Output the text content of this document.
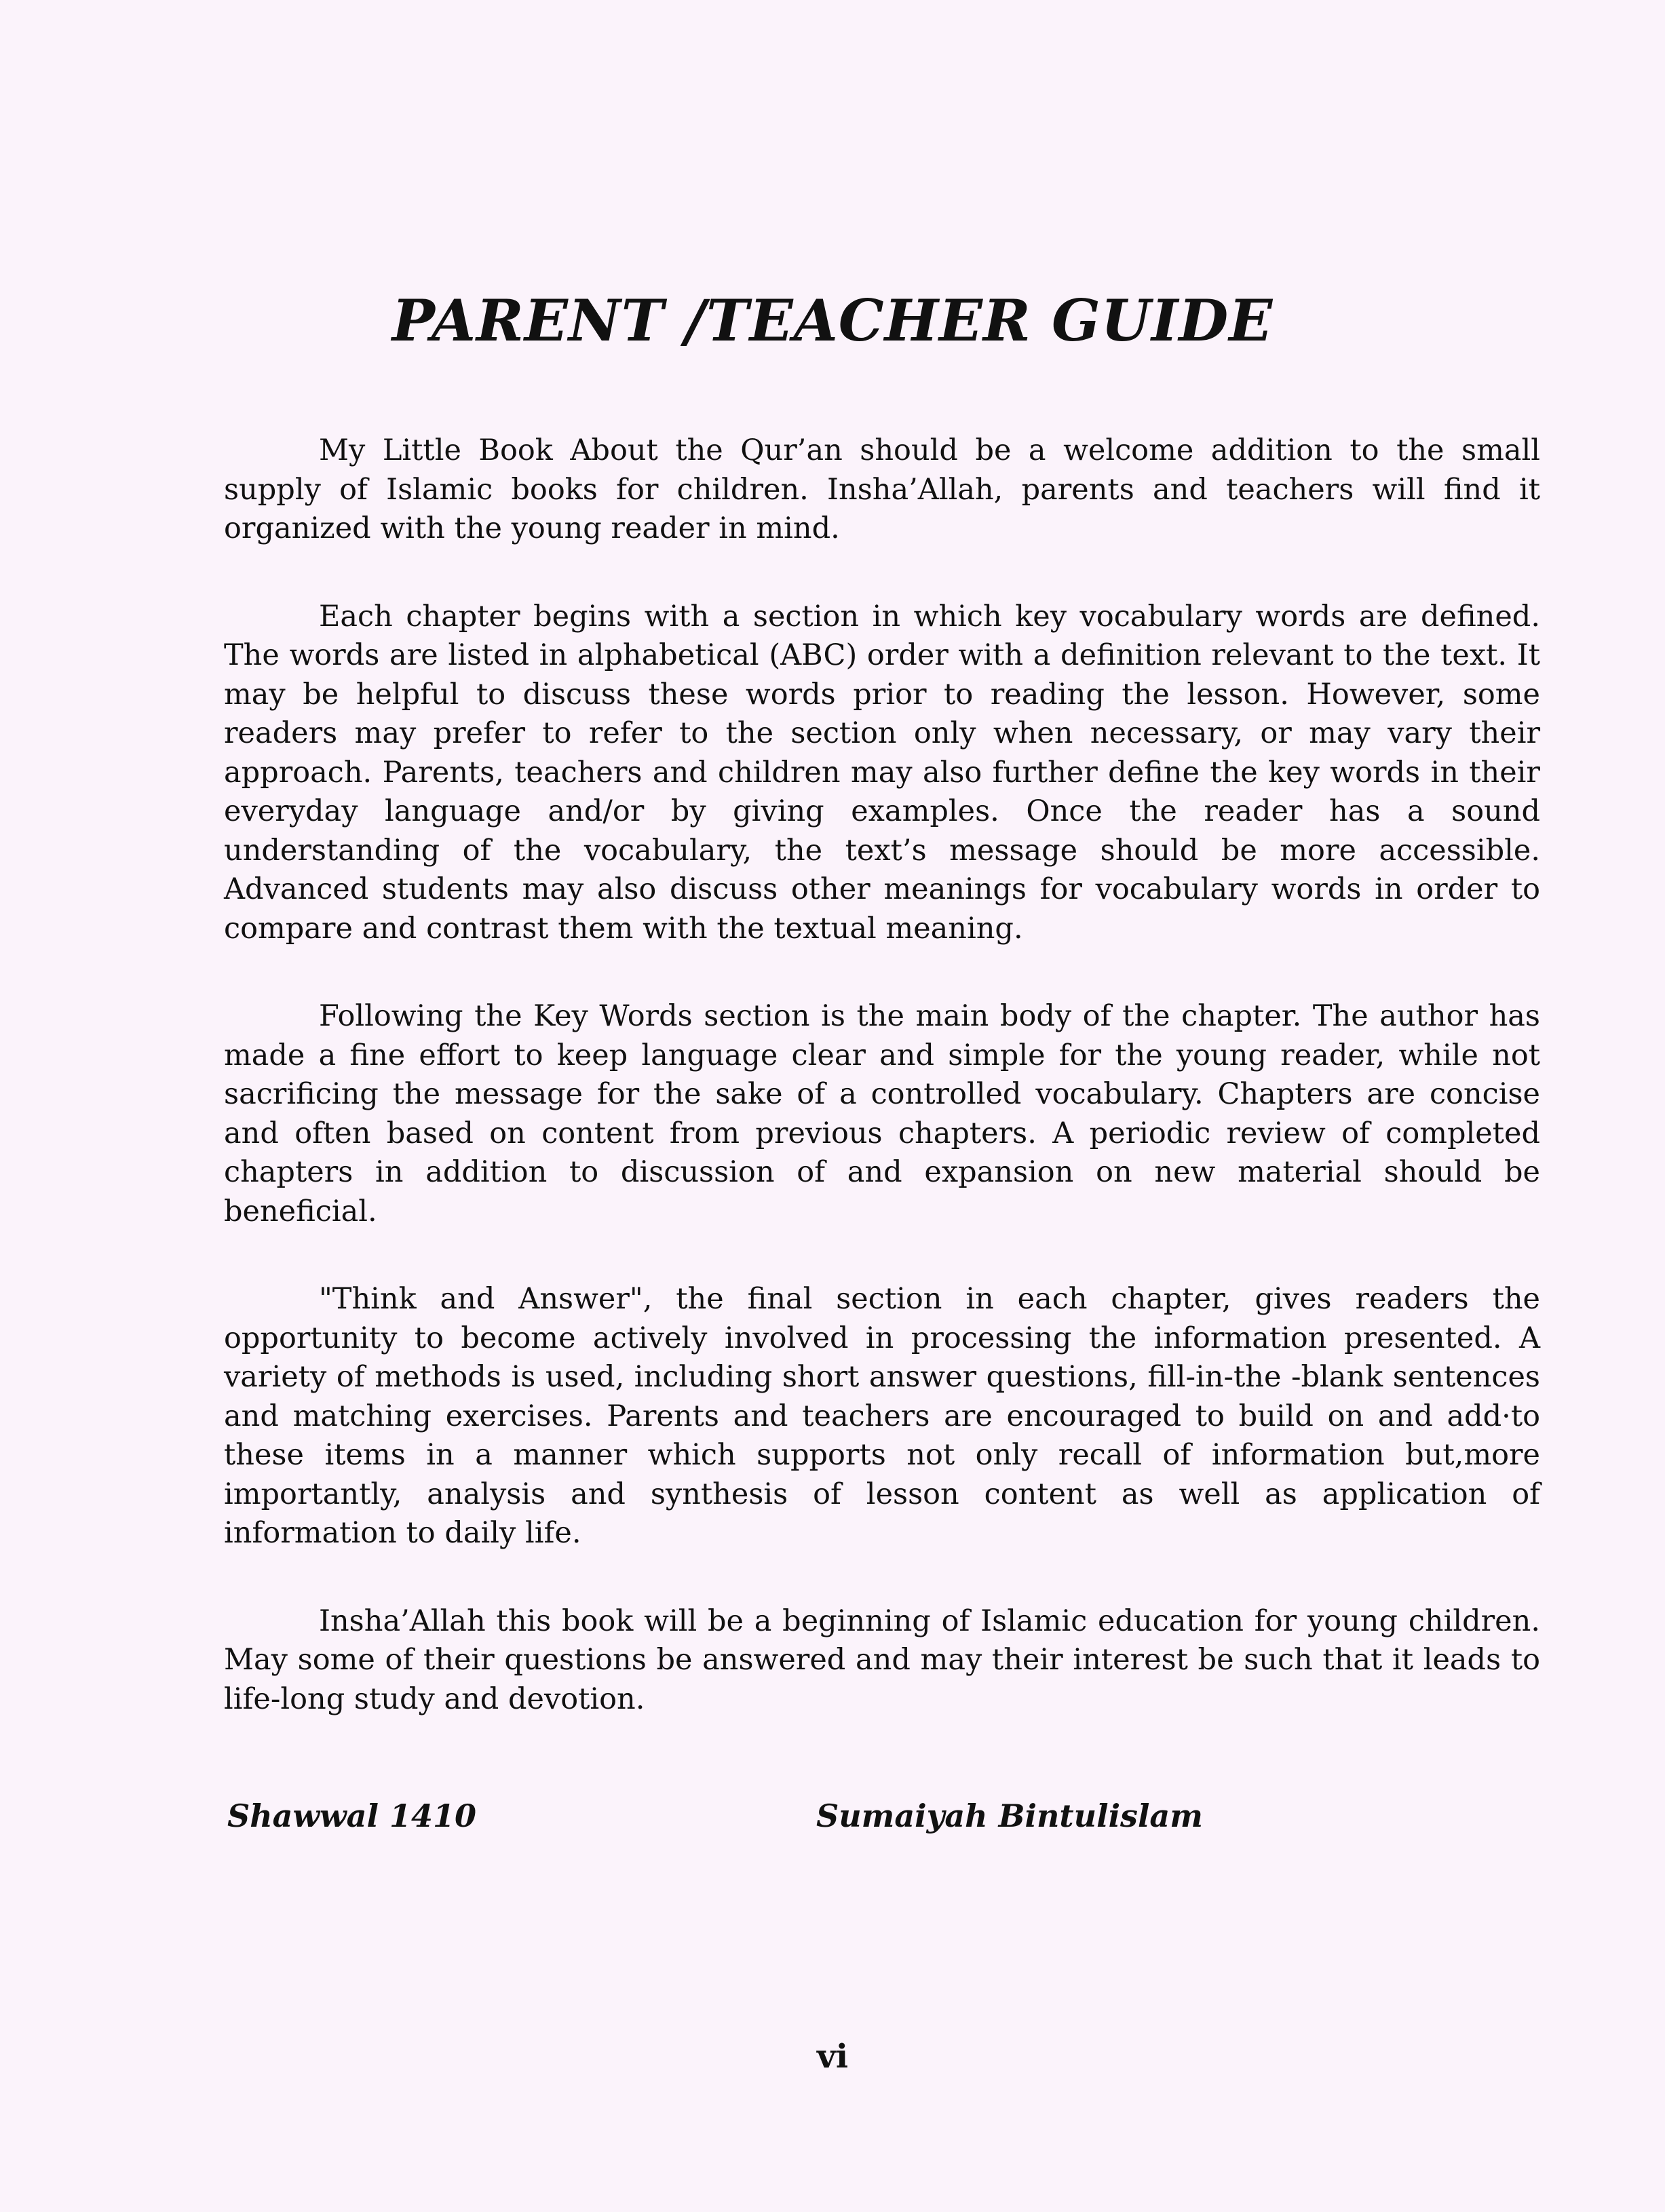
PARENT /TEACHER GUIDE

My Little Book About the Qur’an should be a welcome addition to the small supply of Islamic books for children. Insha’Allah, parents and teachers will find it organized with the young reader in mind.

Each chapter begins with a section in which key vocabulary words are defined. The words are listed in alphabetical (ABC) order with a definition relevant to the text. It may be helpful to discuss these words prior to reading the lesson. However, some readers may prefer to refer to the section only when necessary, or may vary their approach. Parents, teachers and children may also further define the key words in their everyday language and/or by giving examples. Once the reader has a sound understanding of the vocabulary, the text’s message should be more accessible. Advanced students may also discuss other meanings for vocabulary words in order to compare and contrast them with the textual meaning.

Following the Key Words section is the main body of the chapter. The author has made a fine effort to keep language clear and simple for the young reader, while not sacrificing the message for the sake of a controlled vocabulary. Chapters are concise and often based on content from previous chapters. A periodic review of completed chapters in addition to discussion of and expansion on new material should be beneficial.

"Think and Answer", the final section in each chapter, gives readers the opportunity to become actively involved in processing the information presented. A variety of methods is used, including short answer questions, fill-in-the -blank sentences and matching exercises. Parents and teachers are encouraged to build on and add·to these items in a manner which supports not only recall of information but,more importantly, analysis and synthesis of lesson content as well as application of information to daily life.

Insha’Allah this book will be a beginning of Islamic education for young children. May some of their questions be answered and may their interest be such that it leads to life-long study and devotion.

Shawwal 1410	Sumaiyah Bintulislam
vi
